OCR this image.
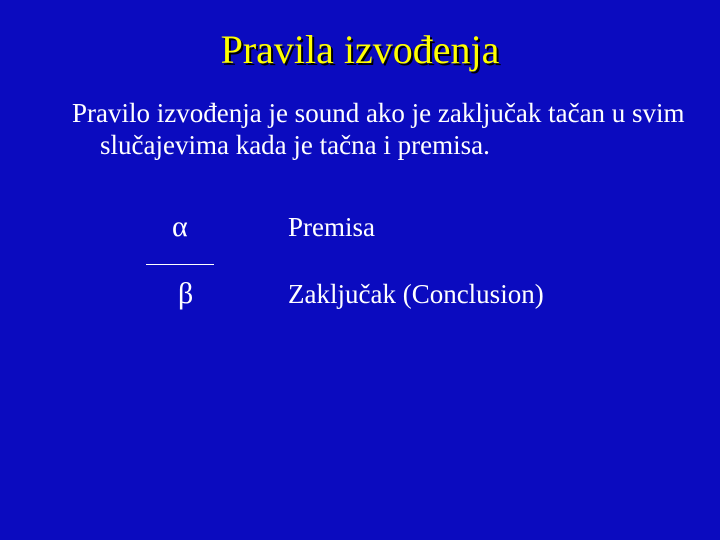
Pravila izvođenja
Pravilo izvođenja je sound ako je zaključak tačan u svim slučajevima kada je tačna i premisa.
α
β
Premisa
Zaključak (Conclusion)
